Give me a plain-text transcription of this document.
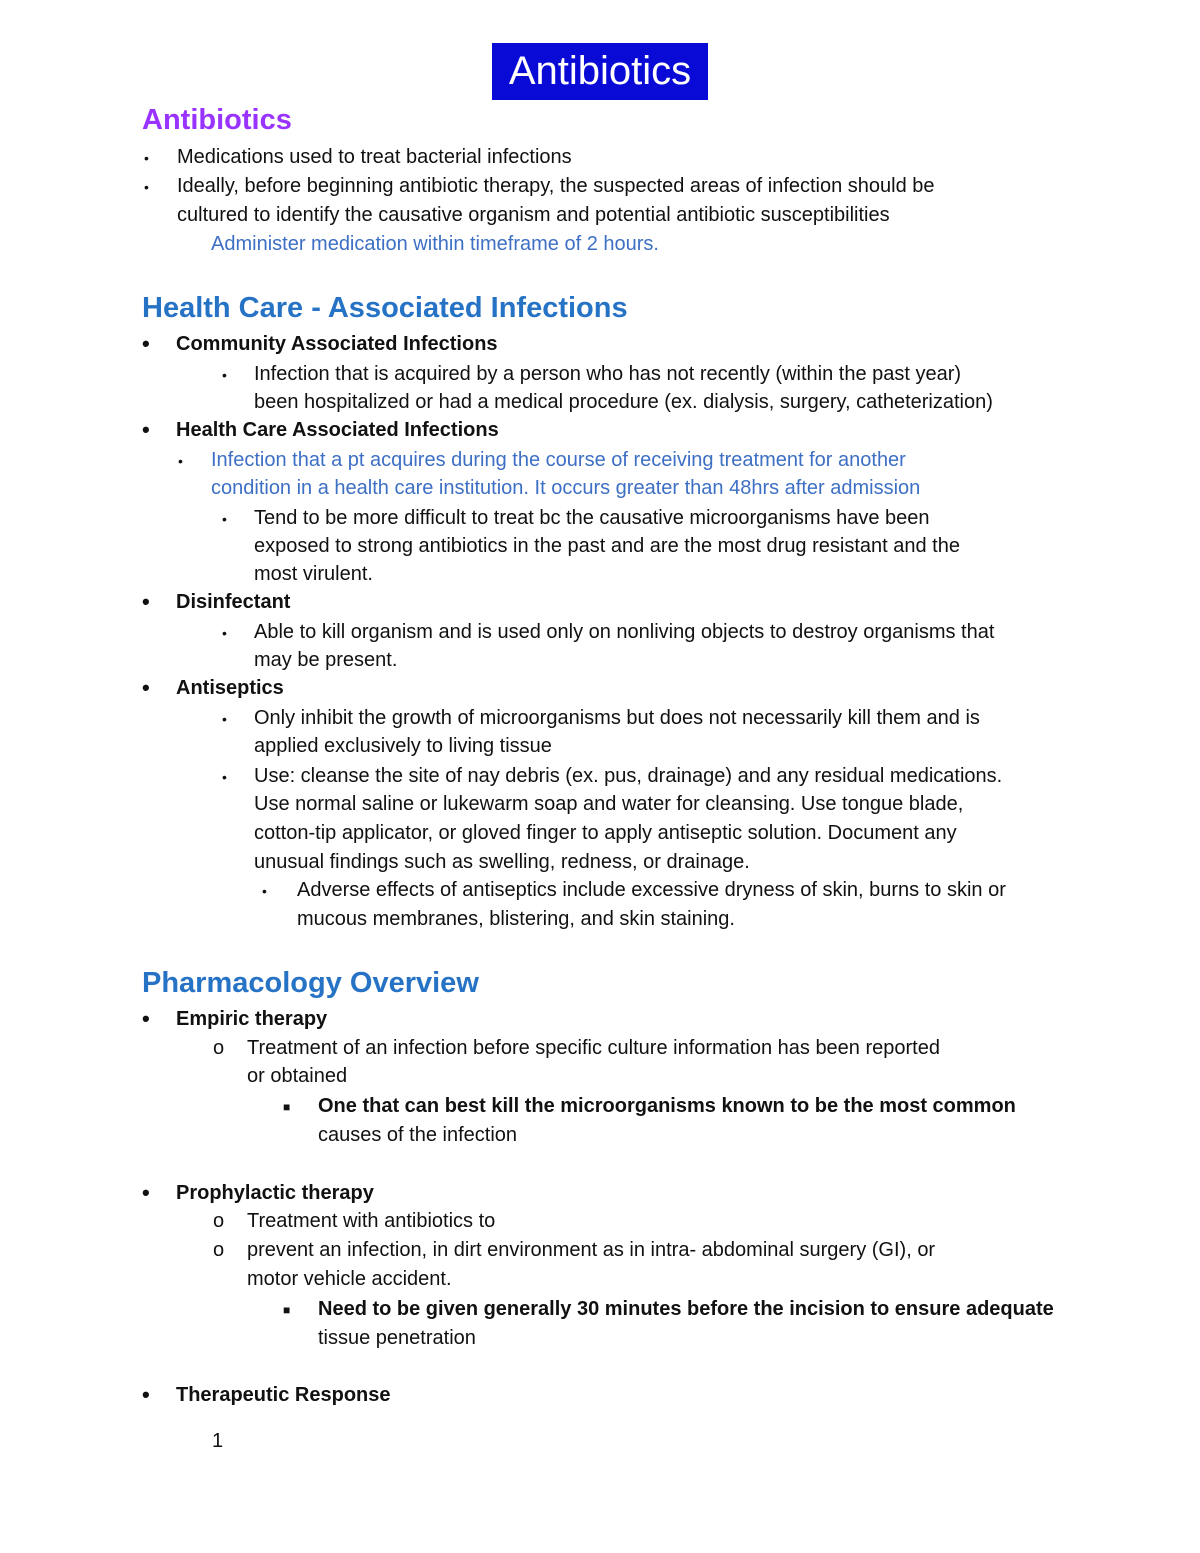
Antibiotics
Antibiotics
• Medications used to treat bacterial infections
• Ideally, before beginning antibiotic therapy, the suspected areas of infection should be
cultured to identify the causative organism and potential antibiotic susceptibilities
Administer medication within timeframe of 2 hours.
Health Care - Associated Infections
• Community Associated Infections
• Infection that is acquired by a person who has not recently (within the past year)
been hospitalized or had a medical procedure (ex. dialysis, surgery, catheterization)
• Health Care Associated Infections
• Infection that a pt acquires during the course of receiving treatment for another
condition in a health care institution. It occurs greater than 48hrs after admission
• Tend to be more difficult to treat bc the causative microorganisms have been
exposed to strong antibiotics in the past and are the most drug resistant and the
most virulent.
• Disinfectant
• Able to kill organism and is used only on nonliving objects to destroy organisms that
may be present.
• Antiseptics
• Only inhibit the growth of microorganisms but does not necessarily kill them and is
applied exclusively to living tissue
• Use: cleanse the site of nay debris (ex. pus, drainage) and any residual medications.
Use normal saline or lukewarm soap and water for cleansing. Use tongue blade,
cotton-tip applicator, or gloved finger to apply antiseptic solution. Document any
unusual findings such as swelling, redness, or drainage.
• Adverse effects of antiseptics include excessive dryness of skin, burns to skin or
mucous membranes, blistering, and skin staining.
Pharmacology Overview
• Empiric therapy
o Treatment of an infection before specific culture information has been reported
or obtained
■ One that can best kill the microorganisms known to be the most common
causes of the infection
• Prophylactic therapy
o Treatment with antibiotics to
o prevent an infection, in dirt environment as in intra- abdominal surgery (GI), or
motor vehicle accident.
■ Need to be given generally 30 minutes before the incision to ensure adequate
tissue penetration
• Therapeutic Response
1
